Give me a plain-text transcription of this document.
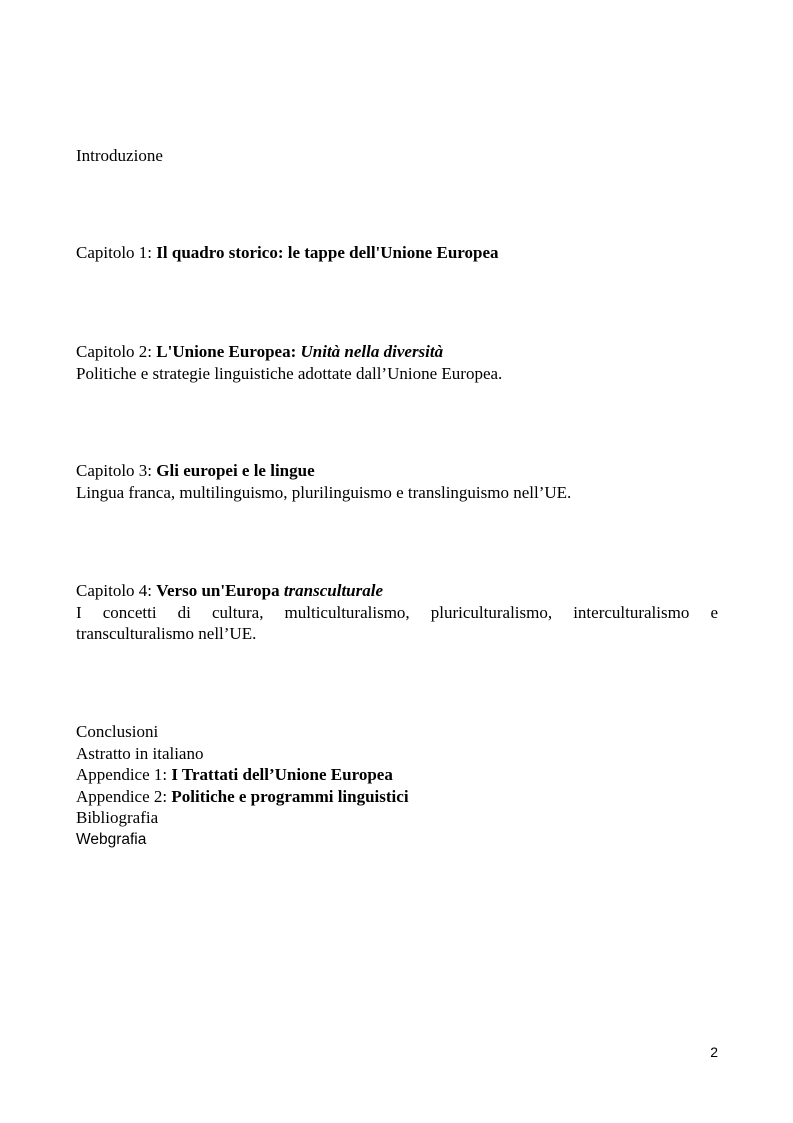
Introduzione
Capitolo 1: Il quadro storico: le tappe dell'Unione Europea
Capitolo 2: L'Unione Europea: Unità nella diversità
Politiche e strategie linguistiche adottate dall’Unione Europea.
Capitolo 3: Gli europei e le lingue
Lingua franca, multilinguismo, plurilinguismo e translinguismo nell’UE.
Capitolo 4: Verso un'Europa transculturale
I concetti di cultura, multiculturalismo, pluriculturalismo, interculturalismo e transculturalismo nell’UE.
Conclusioni
Astratto in italiano
Appendice 1: I Trattati dell’Unione Europea
Appendice 2: Politiche e programmi linguistici
Bibliografia
Webgrafia
2
